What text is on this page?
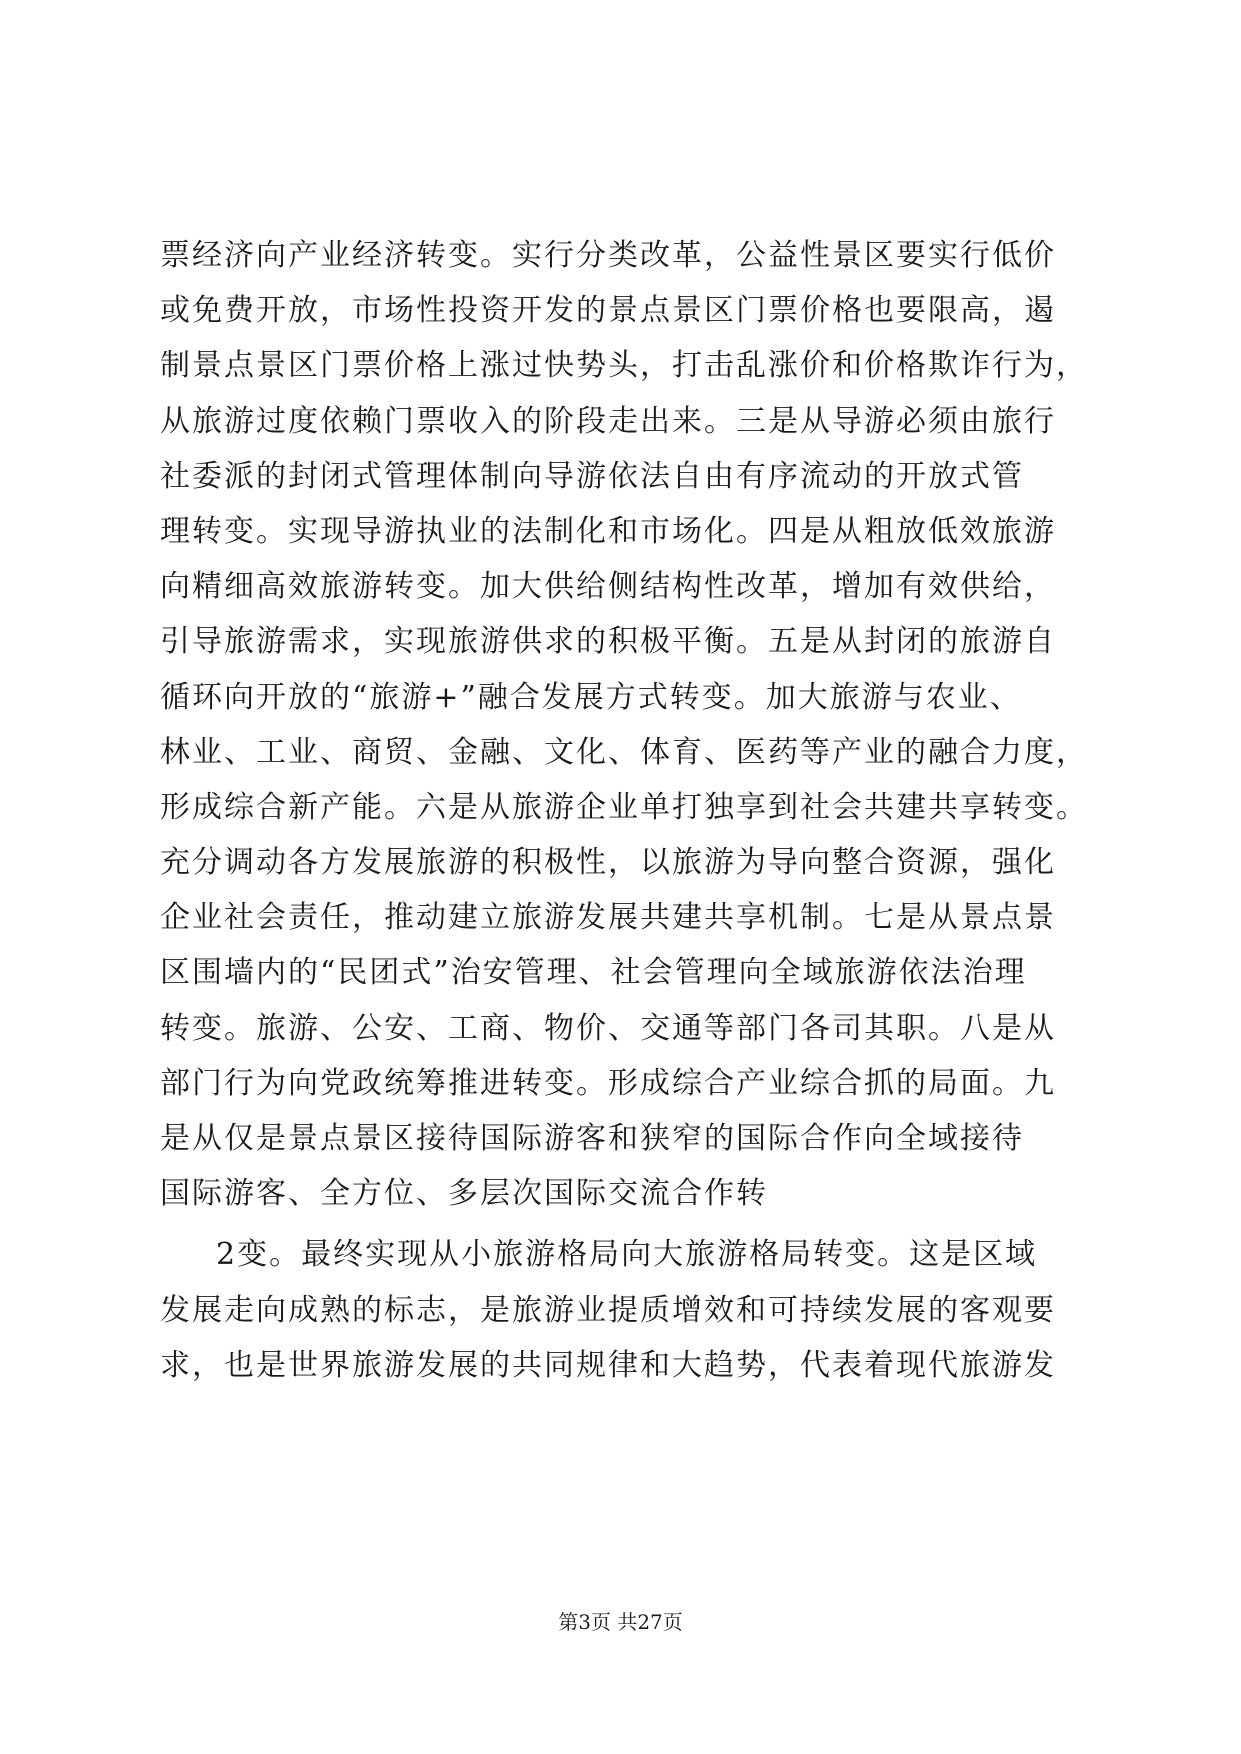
票经济向产业经济转变。实行分类改革，公益性景区要实行低价
或免费开放，市场性投资开发的景点景区门票价格也要限高，遏
制景点景区门票价格上涨过快势头，打击乱涨价和价格欺诈行为，
从旅游过度依赖门票收入的阶段走出来。三是从导游必须由旅行
社委派的封闭式管理体制向导游依法自由有序流动的开放式管
理转变。实现导游执业的法制化和市场化。四是从粗放低效旅游
向精细高效旅游转变。加大供给侧结构性改革，增加有效供给，
引导旅游需求，实现旅游供求的积极平衡。五是从封闭的旅游自
循环向开放的“旅游+”融合发展方式转变。加大旅游与农业、
林业、工业、商贸、金融、文化、体育、医药等产业的融合力度，
形成综合新产能。六是从旅游企业单打独享到社会共建共享转变。
充分调动各方发展旅游的积极性，以旅游为导向整合资源，强化
企业社会责任，推动建立旅游发展共建共享机制。七是从景点景
区围墙内的“民团式”治安管理、社会管理向全域旅游依法治理
转变。旅游、公安、工商、物价、交通等部门各司其职。八是从
部门行为向党政统筹推进转变。形成综合产业综合抓的局面。九
是从仅是景点景区接待国际游客和狭窄的国际合作向全域接待
国际游客、全方位、多层次国际交流合作转
2变。最终实现从小旅游格局向大旅游格局转变。这是区域
发展走向成熟的标志，是旅游业提质增效和可持续发展的客观要
求，也是世界旅游发展的共同规律和大趋势，代表着现代旅游发
第3页 共27页
